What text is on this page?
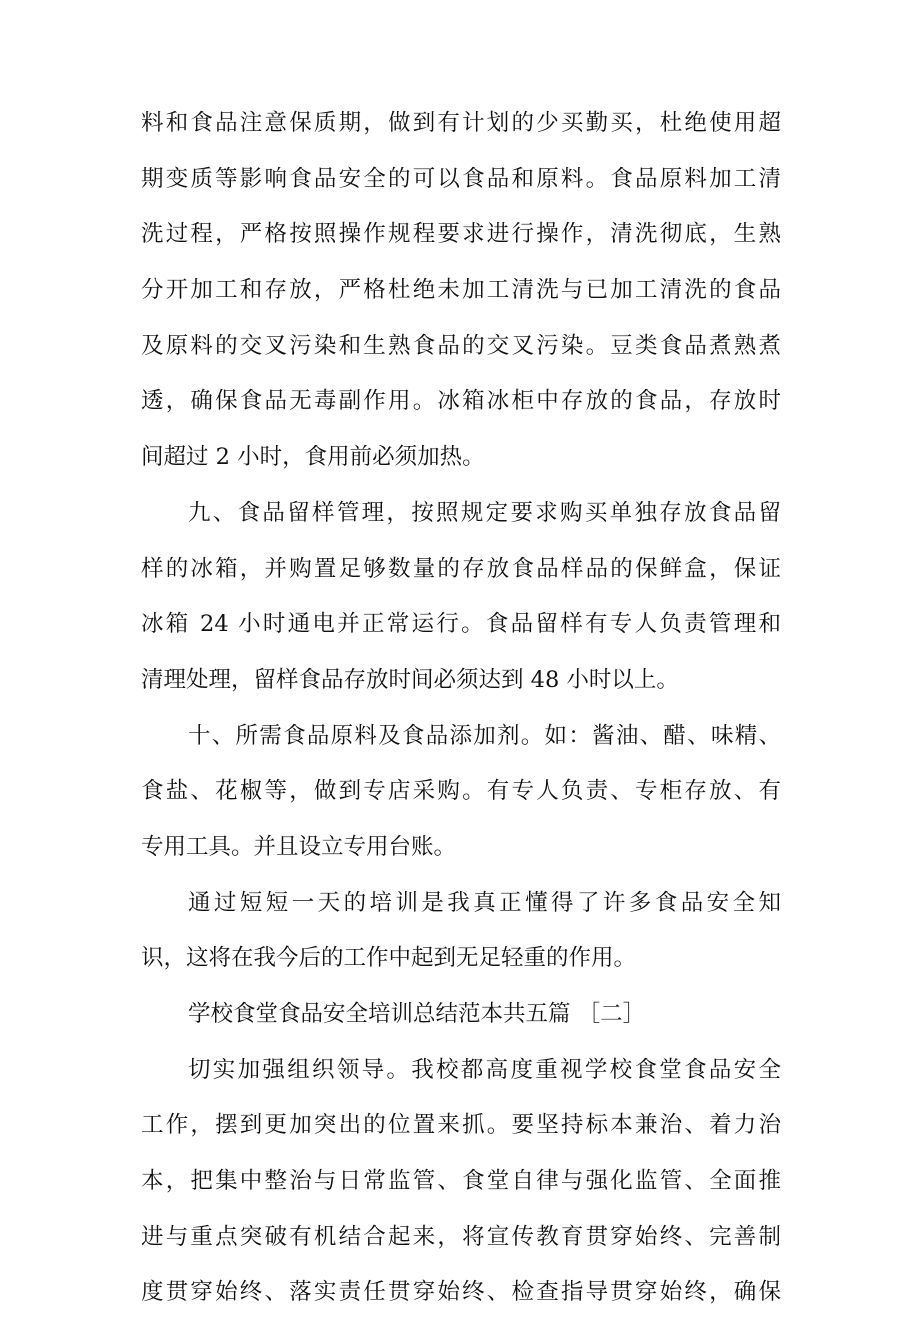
料和食品注意保质期，做到有计划的少买勤买，杜绝使用超
期变质等影响食品安全的可以食品和原料。食品原料加工清
洗过程，严格按照操作规程要求进行操作，清洗彻底，生熟
分开加工和存放，严格杜绝未加工清洗与已加工清洗的食品
及原料的交叉污染和生熟食品的交叉污染。豆类食品煮熟煮
透，确保食品无毒副作用。冰箱冰柜中存放的食品，存放时
间超过 2 小时，食用前必须加热。
九、食品留样管理，按照规定要求购买单独存放食品留
样的冰箱，并购置足够数量的存放食品样品的保鲜盒，保证
冰箱 24 小时通电并正常运行。食品留样有专人负责管理和
清理处理，留样食品存放时间必须达到 48 小时以上。
十、所需食品原料及食品添加剂。如：酱油、醋、味精、
食盐、花椒等，做到专店采购。有专人负责、专柜存放、有
专用工具。并且设立专用台账。
通过短短一天的培训是我真正懂得了许多食品安全知
识，这将在我今后的工作中起到无足轻重的作用。
学校食堂食品安全培训总结范本共五篇 ［二］
切实加强组织领导。我校都高度重视学校食堂食品安全
工作，摆到更加突出的位置来抓。要坚持标本兼治、着力治
本，把集中整治与日常监管、食堂自律与强化监管、全面推
进与重点突破有机结合起来，将宣传教育贯穿始终、完善制
度贯穿始终、落实责任贯穿始终、检查指导贯穿始终，确保
